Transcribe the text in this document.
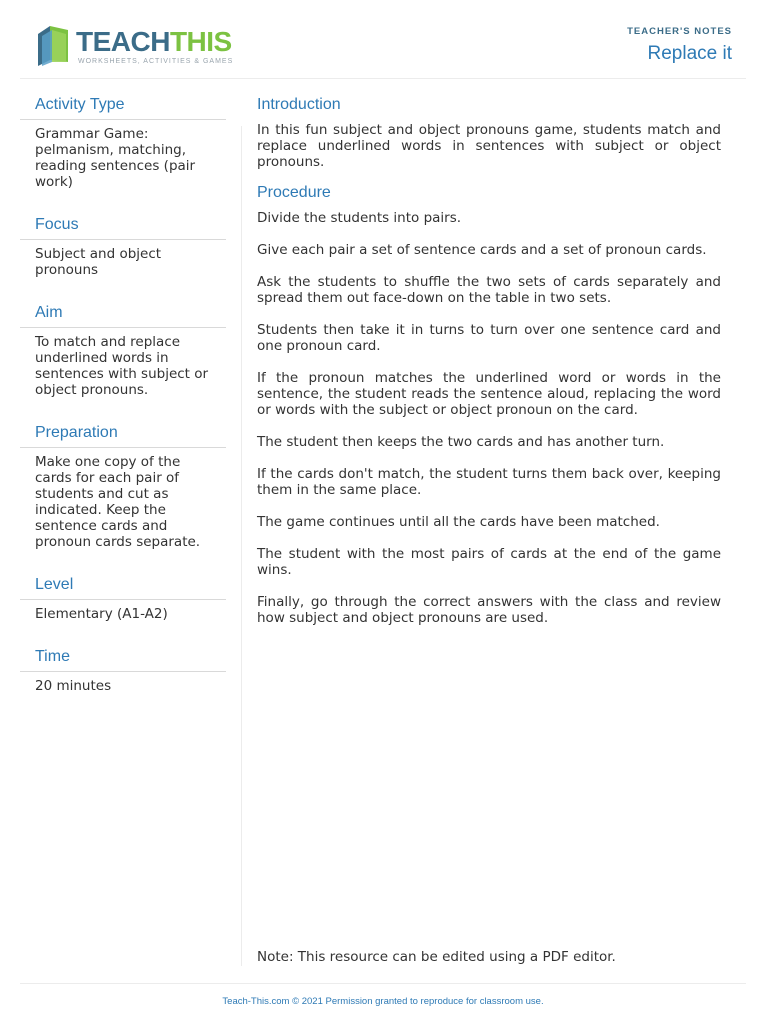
TEACHTHIS
WORKSHEETS, ACTIVITIES & GAMES
TEACHER'S NOTES
Replace it
Activity Type
Grammar Game: pelmanism, matching, reading sentences (pair work)
Focus
Subject and object pronouns
Aim
To match and replace underlined words in sentences with subject or object pronouns.
Preparation
Make one copy of the cards for each pair of students and cut as indicated. Keep the sentence cards and pronoun cards separate.
Level
Elementary (A1-A2)
Time
20 minutes
Introduction

In this fun subject and object pronouns game, students match and replace underlined words in sentences with subject or object pronouns.

Procedure

Divide the students into pairs.

Give each pair a set of sentence cards and a set of pronoun cards.

Ask the students to shuffle the two sets of cards separately and spread them out face-down on the table in two sets.

Students then take it in turns to turn over one sentence card and one pronoun card.

If the pronoun matches the underlined word or words in the sentence, the student reads the sentence aloud, replacing the word or words with the subject or object pronoun on the card.

The student then keeps the two cards and has another turn.

If the cards don't match, the student turns them back over, keeping them in the same place.

The game continues until all the cards have been matched.

The student with the most pairs of cards at the end of the game wins.

Finally, go through the correct answers with the class and review how subject and object pronouns are used.

Note: This resource can be edited using a PDF editor.
Teach-This.com © 2021 Permission granted to reproduce for classroom use.
